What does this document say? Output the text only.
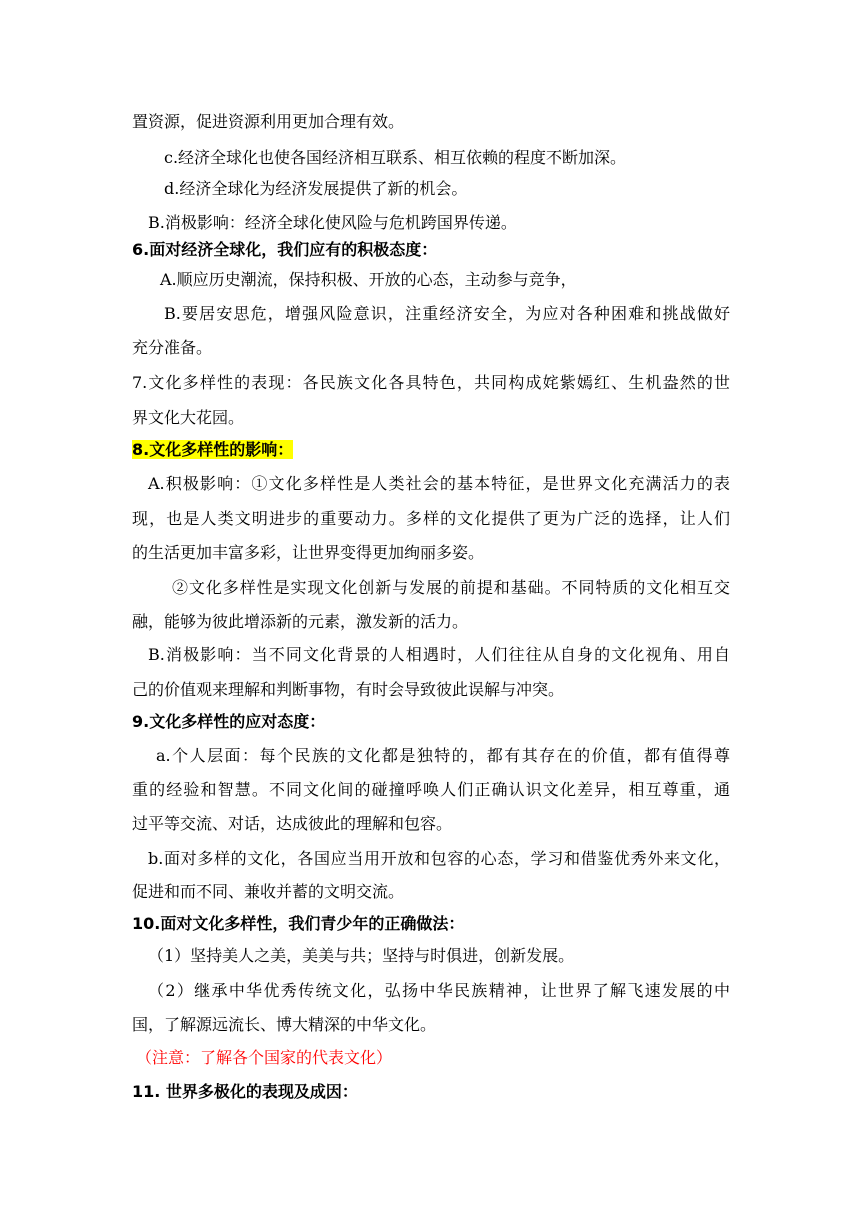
置资源，促进资源利用更加合理有效。
c.经济全球化也使各国经济相互联系、相互依赖的程度不断加深。
d.经济全球化为经济发展提供了新的机会。
B.消极影响：经济全球化使风险与危机跨国界传递。
6.面对经济全球化，我们应有的积极态度：
A.顺应历史潮流，保持积极、开放的心态，主动参与竞争，
B.要居安思危，增强风险意识，注重经济安全，为应对各种困难和挑战做好
充分准备。
7.文化多样性的表现：各民族文化各具特色，共同构成姹紫嫣红、生机盎然的世
界文化大花园。
8.文化多样性的影响：
A.积极影响：①文化多样性是人类社会的基本特征，是世界文化充满活力的表
现，也是人类文明进步的重要动力。多样的文化提供了更为广泛的选择，让人们
的生活更加丰富多彩，让世界变得更加绚丽多姿。
②文化多样性是实现文化创新与发展的前提和基础。不同特质的文化相互交
融，能够为彼此增添新的元素，激发新的活力。
B.消极影响：当不同文化背景的人相遇时，人们往往从自身的文化视角、用自
己的价值观来理解和判断事物，有时会导致彼此误解与冲突。
9.文化多样性的应对态度：
a.个人层面：每个民族的文化都是独特的，都有其存在的价值，都有值得尊
重的经验和智慧。不同文化间的碰撞呼唤人们正确认识文化差异，相互尊重，通
过平等交流、对话，达成彼此的理解和包容。
b.面对多样的文化，各国应当用开放和包容的心态，学习和借鉴优秀外来文化，
促进和而不同、兼收并蓄的文明交流。
10.面对文化多样性，我们青少年的正确做法：
（1）坚持美人之美，美美与共；坚持与时俱进，创新发展。
（2）继承中华优秀传统文化，弘扬中华民族精神，让世界了解飞速发展的中
国，了解源远流长、博大精深的中华文化。
（注意：了解各个国家的代表文化）
11. 世界多极化的表现及成因：
